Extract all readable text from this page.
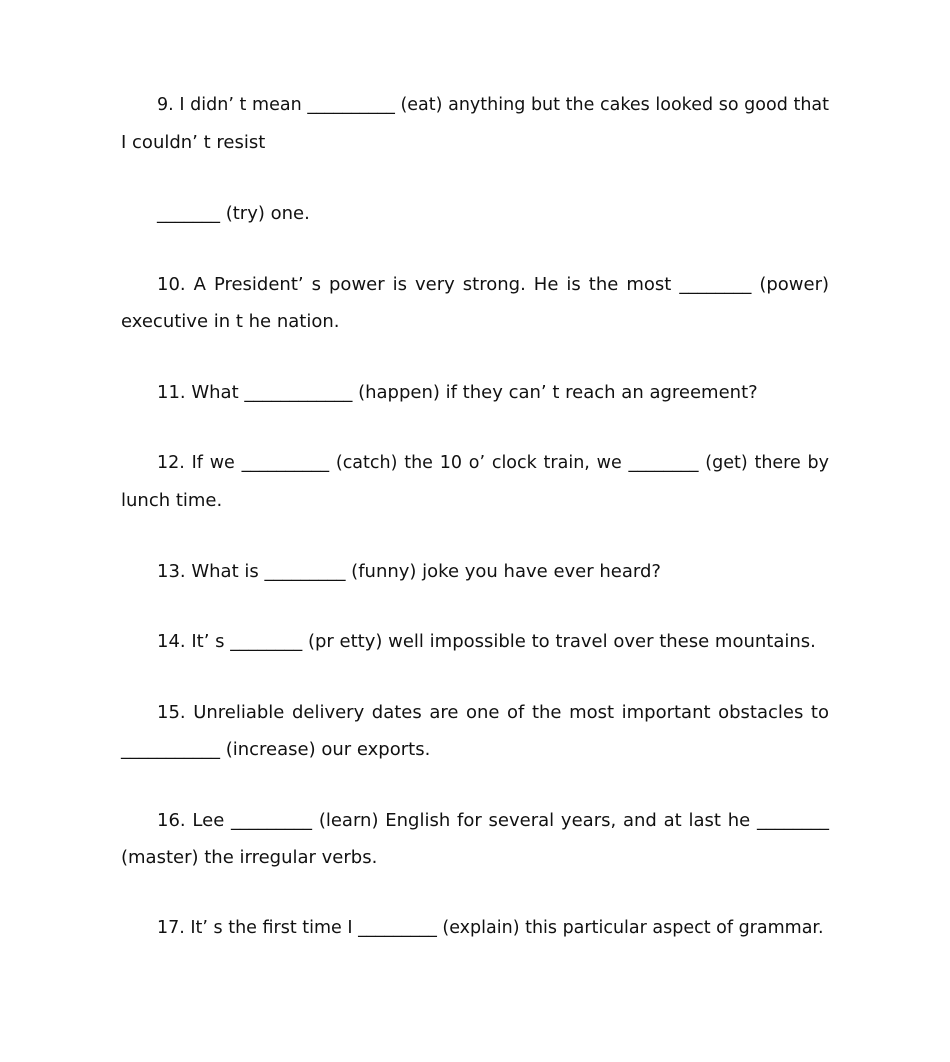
9. I didn’ t mean __________ (eat) anything but the cakes looked so good that
I couldn’ t resist
_______ (try) one.
10. A President’ s power is very strong. He is the most ________ (power)
executive in t he nation.
11. What ____________ (happen) if they can’ t reach an agreement?
12. If we __________ (catch) the 10 o’ clock train, we ________ (get) there by
lunch time.
13. What is _________ (funny) joke you have ever heard?
14. It’ s ________ (pr etty) well impossible to travel over these mountains.
15. Unreliable delivery dates are one of the most important obstacles to
___________ (increase) our exports.
16. Lee _________ (learn) English for several years, and at last he ________
(master) the irregular verbs.
17. It’ s the first time I _________ (explain) this particular aspect of grammar.
